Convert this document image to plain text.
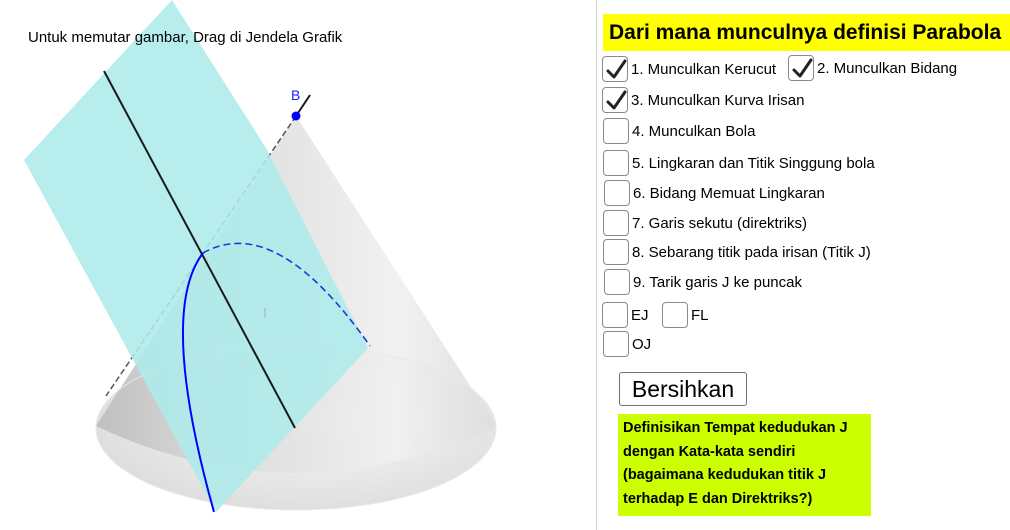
Untuk memutar gambar, Drag di Jendela Grafik
B
Dari mana munculnya definisi Parabola
1. Munculkan Kerucut	2. Munculkan Bidang
3. Munculkan Kurva Irisan
4. Munculkan Bola
5. Lingkaran dan Titik Singgung bola
6. Bidang Memuat Lingkaran
7. Garis sekutu (direktriks)
8. Sebarang titik pada irisan (Titik J)
9. Tarik garis J ke puncak
EJ	FL
OJ
Bersihkan
Definisikan Tempat kedudukan J
dengan Kata-kata sendiri
(bagaimana kedudukan titik J
terhadap E dan Direktriks?)
